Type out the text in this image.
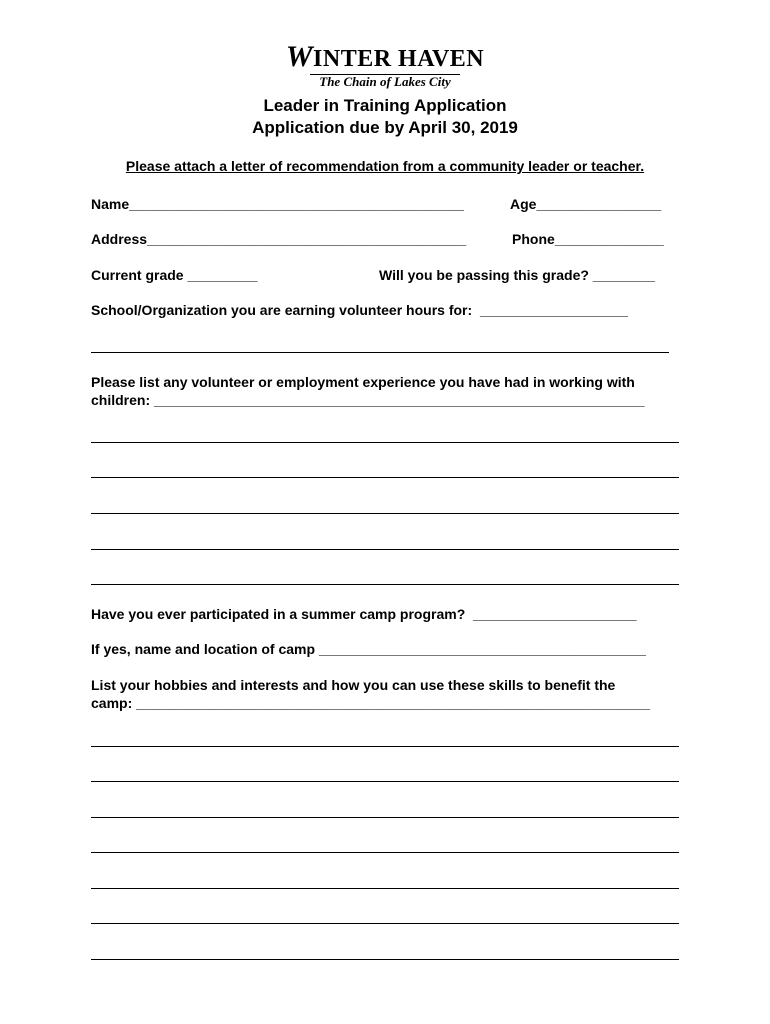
WINTER HAVEN
The Chain of Lakes City
Leader in Training Application
Application due by April 30, 2019
Please attach a letter of recommendation from a community leader or teacher.
Name___________________________________________	Age________________
Address_________________________________________	Phone______________
Current grade _________	Will you be passing this grade? ________
School/Organization you are earning volunteer hours for:  ___________________
Please list any volunteer or employment experience you have had in working with
children: _______________________________________________________________
Have you ever participated in a summer camp program?  _____________________
If yes, name and location of camp __________________________________________
List your hobbies and interests and how you can use these skills to benefit the
camp: __________________________________________________________________
